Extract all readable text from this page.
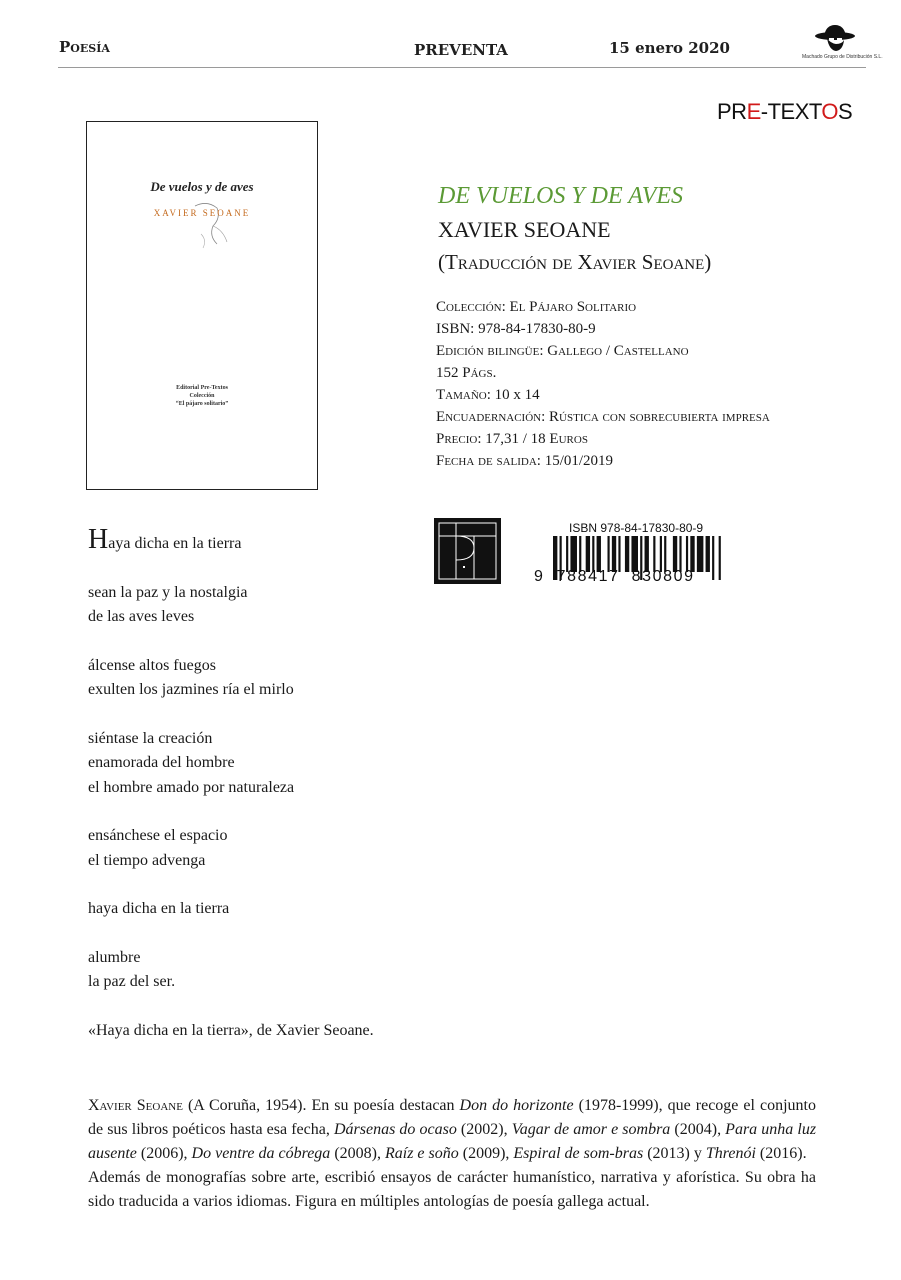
Poesía	PREVENTA	15 enero 2020	Machado Grupo de Distribución S.L.
PRE-TEXTOS
De vuelos y de aves
XAVIER SEOANE
Editorial Pre-Textos
Colección
“El pájaro solitario”
DE VUELOS Y DE AVES
XAVIER SEOANE
(Traducción de Xavier Seoane)
Colección: El Pájaro Solitario
ISBN: 978-84-17830-80-9
Edición bilingüe: Gallego / Castellano
152 Págs.
Tamaño: 10 x 14
Encuadernación: Rústica con sobrecubierta impresa
Precio: 17,31 / 18 Euros
Fecha de salida: 15/01/2019
ISBN 978-84-17830-80-9
9  788417  830809
Haya dicha en la tierra
sean la paz y la nostalgia
de las aves leves
álcense altos fuegos
exulten los jazmines ría el mirlo
siéntase la creación
enamorada del hombre
el hombre amado por naturaleza
ensánchese el espacio
el tiempo advenga
haya dicha en la tierra
alumbre
la paz del ser.
«Haya dicha en la tierra», de Xavier Seoane.
Xavier Seoane (A Coruña, 1954). En su poesía destacan Don do horizonte (1978-1999), que recoge el conjunto de sus libros poéticos hasta esa fecha, Dársenas do ocaso (2002), Vagar de amor e sombra (2004), Para unha luz ausente (2006), Do ventre da cóbrega (2008), Raíz e soño (2009), Espiral de som-bras (2013) y Threnói (2016).
Además de monografías sobre arte, escribió ensayos de carácter humanístico, narrativa y aforística. Su obra ha sido traducida a varios idiomas. Figura en múltiples antologías de poesía gallega actual.
